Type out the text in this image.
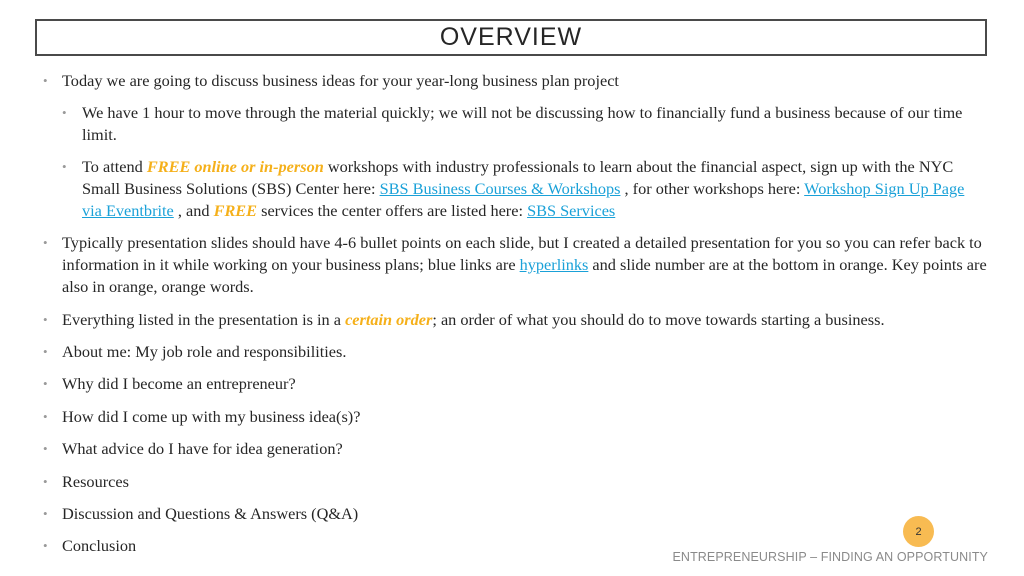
OVERVIEW
• Today we are going to discuss business ideas for your year-long business plan project
• We have 1 hour to move through the material quickly; we will not be discussing how to financially fund a business because of our time limit.
• To attend FREE online or in-person workshops with industry professionals to learn about the financial aspect, sign up with the NYC Small Business Solutions (SBS) Center here: SBS Business Courses & Workshops , for other workshops here: Workshop Sign Up Page via Eventbrite , and FREE services the center offers are listed here: SBS Services
• Typically presentation slides should have 4-6 bullet points on each slide, but I created a detailed presentation for you so you can refer back to information in it while working on your business plans; blue links are hyperlinks and slide number are at the bottom in orange. Key points are also in orange, orange words.
• Everything listed in the presentation is in a certain order; an order of what you should do to move towards starting a business.
• About me: My job role and responsibilities.
• Why did I become an entrepreneur?
• How did I come up with my business idea(s)?
• What advice do I have for idea generation?
• Resources
• Discussion and Questions & Answers (Q&A)
• Conclusion
2
ENTREPRENEURSHIP – FINDING AN OPPORTUNITY
